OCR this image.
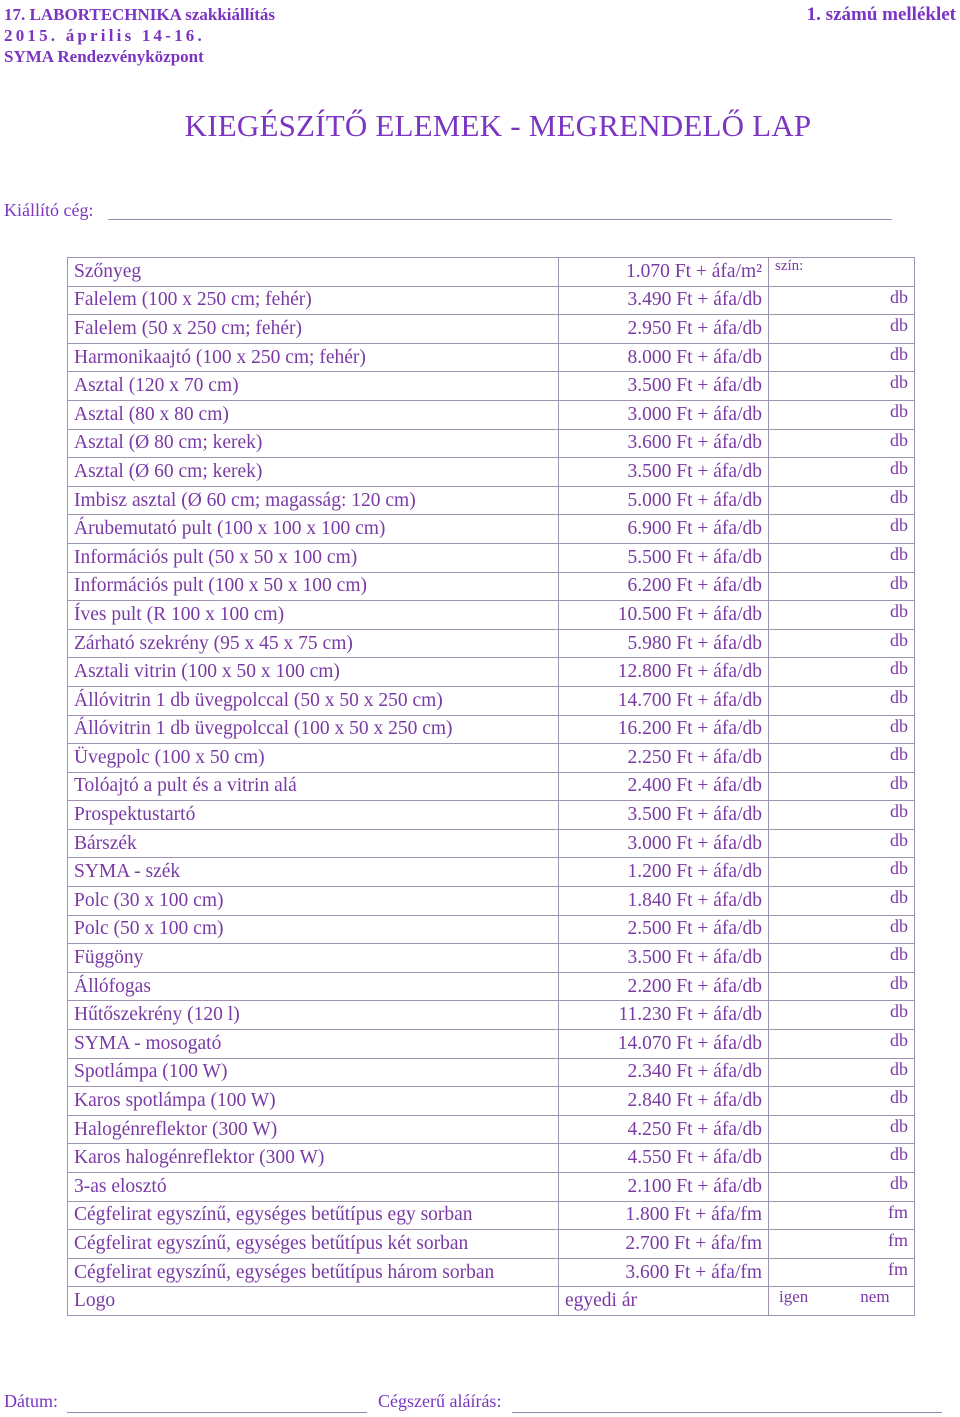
17. LABORTECHNIKA szakkiállítás
2015. április 14-16.
SYMA Rendezvényközpont
1. számú melléklet
KIEGÉSZÍTŐ ELEMEK - MEGRENDELŐ LAP
Kiállító cég:
Szőnyeg	1.070 Ft + áfa/m²	szín:
Falelem (100 x 250 cm; fehér)	3.490 Ft + áfa/db	db
Falelem (50 x 250 cm; fehér)	2.950 Ft + áfa/db	db
Harmonikaajtó (100 x 250 cm; fehér)	8.000 Ft + áfa/db	db
Asztal (120 x 70 cm)	3.500 Ft + áfa/db	db
Asztal (80 x 80 cm)	3.000 Ft + áfa/db	db
Asztal (Ø 80 cm; kerek)	3.600 Ft + áfa/db	db
Asztal (Ø 60 cm; kerek)	3.500 Ft + áfa/db	db
Imbisz asztal (Ø 60 cm; magasság: 120 cm)	5.000 Ft + áfa/db	db
Árubemutató pult (100 x 100 x 100 cm)	6.900 Ft + áfa/db	db
Információs pult (50 x 50 x 100 cm)	5.500 Ft + áfa/db	db
Információs pult (100 x 50 x 100 cm)	6.200 Ft + áfa/db	db
Íves pult (R 100 x 100 cm)	10.500 Ft + áfa/db	db
Zárható szekrény (95 x 45 x 75 cm)	5.980 Ft + áfa/db	db
Asztali vitrin (100 x 50 x 100 cm)	12.800 Ft + áfa/db	db
Állóvitrin 1 db üvegpolccal (50 x 50 x 250 cm)	14.700 Ft + áfa/db	db
Állóvitrin 1 db üvegpolccal (100 x 50 x 250 cm)	16.200 Ft + áfa/db	db
Üvegpolc (100 x 50 cm)	2.250 Ft + áfa/db	db
Tolóajtó a pult és a vitrin alá	2.400 Ft + áfa/db	db
Prospektustartó	3.500 Ft + áfa/db	db
Bárszék	3.000 Ft + áfa/db	db
SYMA - szék	1.200 Ft + áfa/db	db
Polc (30 x 100 cm)	1.840 Ft + áfa/db	db
Polc (50 x 100 cm)	2.500 Ft + áfa/db	db
Függöny	3.500 Ft + áfa/db	db
Állófogas	2.200 Ft + áfa/db	db
Hűtőszekrény (120 l)	11.230 Ft + áfa/db	db
SYMA - mosogató	14.070 Ft + áfa/db	db
Spotlámpa (100 W)	2.340 Ft + áfa/db	db
Karos spotlámpa (100 W)	2.840 Ft + áfa/db	db
Halogénreflektor (300 W)	4.250 Ft + áfa/db	db
Karos halogénreflektor (300 W)	4.550 Ft + áfa/db	db
3-as elosztó	2.100 Ft + áfa/db	db
Cégfelirat egyszínű, egységes betűtípus egy sorban	1.800 Ft + áfa/fm	fm
Cégfelirat egyszínű, egységes betűtípus két sorban	2.700 Ft + áfa/fm	fm
Cégfelirat egyszínű, egységes betűtípus három sorban	3.600 Ft + áfa/fm	fm
Logo	egyedi ár	igen nem
Dátum:	Cégszerű aláírás:
